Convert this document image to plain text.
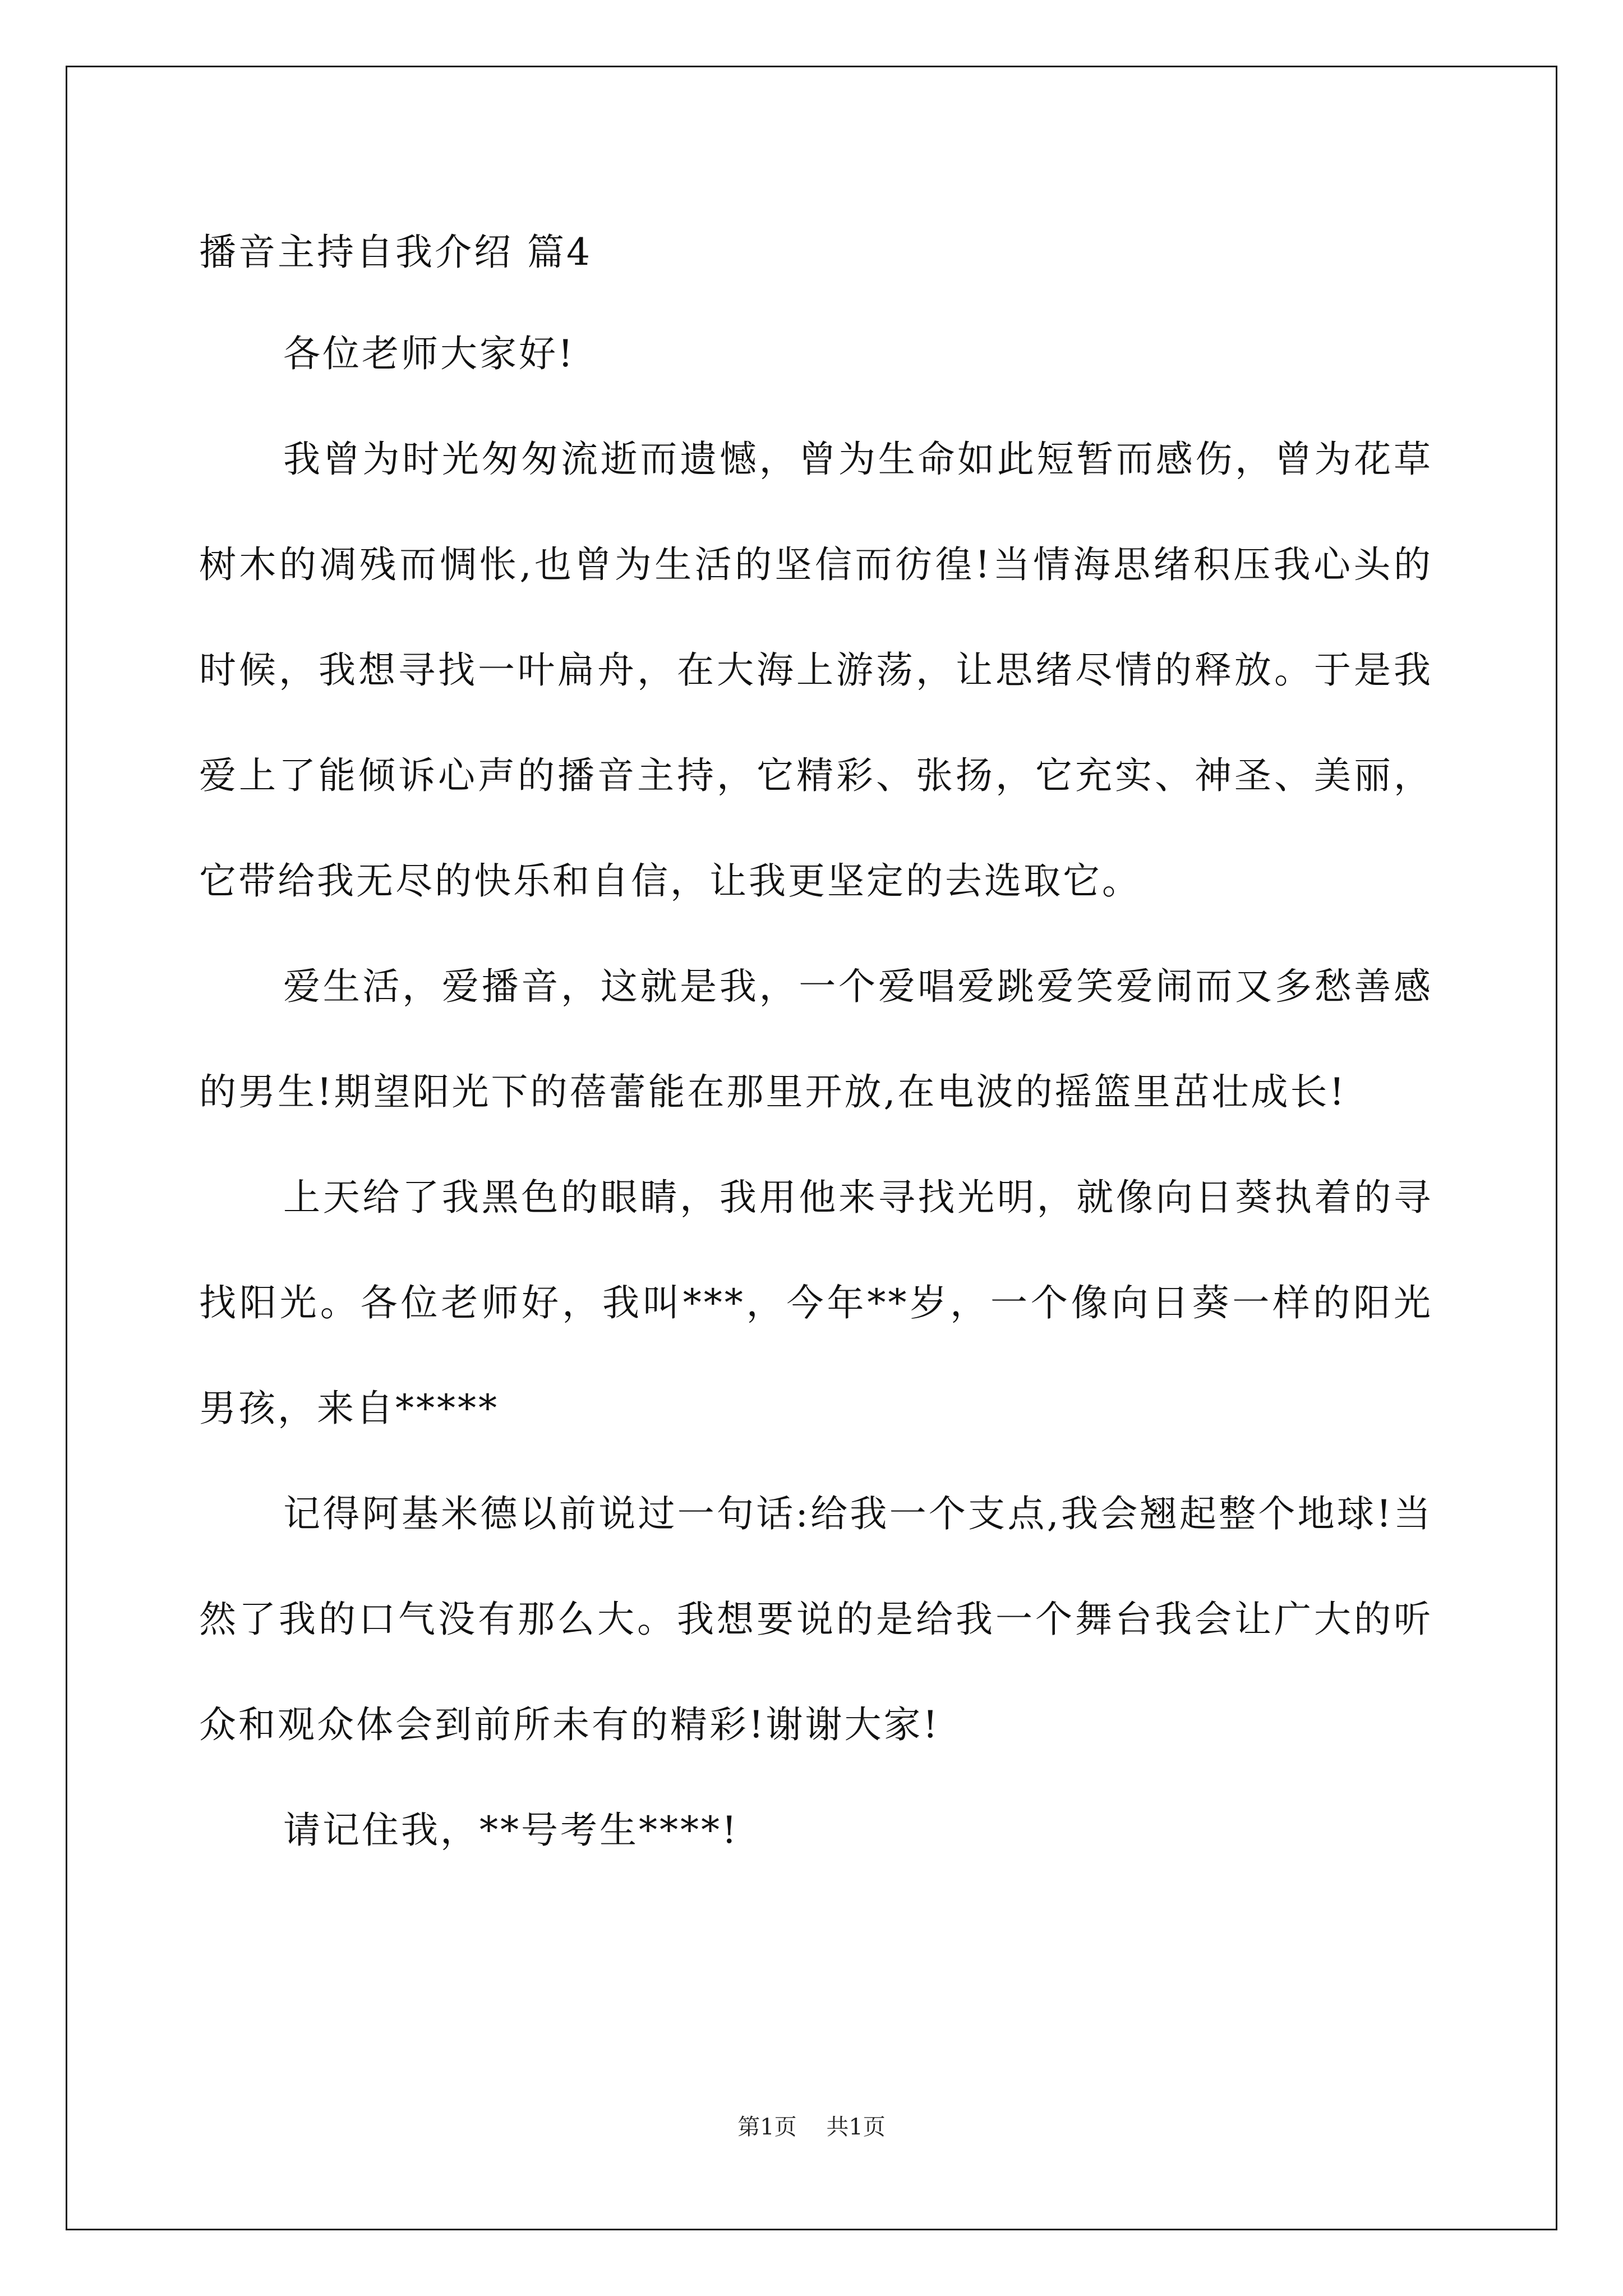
播音主持自我介绍 篇4

各位老师大家好!

我曾为时光匆匆流逝而遗憾，曾为生命如此短暂而感伤，曾为花草树木的凋残而惆怅,也曾为生活的坚信而彷徨!当情海思绪积压我心头的时候，我想寻找一叶扁舟，在大海上游荡，让思绪尽情的释放。于是我爱上了能倾诉心声的播音主持，它精彩、张扬，它充实、神圣、美丽，它带给我无尽的快乐和自信，让我更坚定的去选取它。

爱生活，爱播音，这就是我，一个爱唱爱跳爱笑爱闹而又多愁善感的男生!期望阳光下的蓓蕾能在那里开放,在电波的摇篮里茁壮成长!

上天给了我黑色的眼睛，我用他来寻找光明，就像向日葵执着的寻找阳光。各位老师好，我叫***，今年**岁，一个像向日葵一样的阳光男孩，来自*****

记得阿基米德以前说过一句话:给我一个支点,我会翘起整个地球!当然了我的口气没有那么大。我想要说的是给我一个舞台我会让广大的听众和观众体会到前所未有的精彩!谢谢大家!

请记住我，**号考生****!

第1页 共1页
